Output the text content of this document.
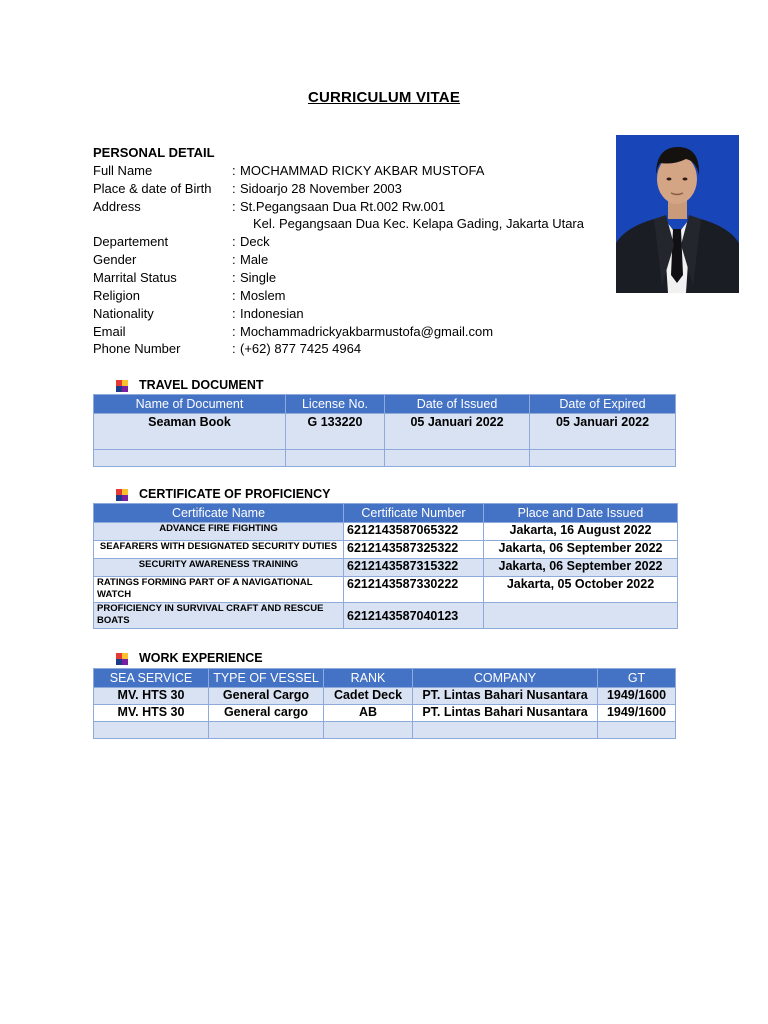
CURRICULUM VITAE
PERSONAL DETAIL
Full Name	: MOCHAMMAD RICKY AKBAR MUSTOFA
Place & date of Birth	: Sidoarjo 28 November 2003
Address	: St.Pegangsaan Dua Rt.002 Rw.001
Kel. Pegangsaan Dua Kec. Kelapa Gading, Jakarta Utara
Departement	: Deck
Gender	: Male
Marrital Status	: Single
Religion	: Moslem
Nationality	: Indonesian
Email	: Mochammadrickyakbarmustofa@gmail.com
Phone Number	: (+62) 877 7425 4964
TRAVEL DOCUMENT
Name of Document	License No.	Date of Issued	Date of Expired
Seaman Book	G 133220	05 Januari 2022	05 Januari 2022

CERTIFICATE OF PROFICIENCY
Certificate Name	Certificate Number	Place and Date Issued
ADVANCE FIRE FIGHTING	6212143587065322	Jakarta, 16 August 2022
SEAFARERS WITH DESIGNATED SECURITY DUTIES	6212143587325322	Jakarta, 06 September 2022
SECURITY AWARENESS TRAINING	6212143587315322	Jakarta, 06 September 2022
RATINGS FORMING PART OF A NAVIGATIONAL WATCH	6212143587330222	Jakarta, 05 October 2022
PROFICIENCY IN SURVIVAL CRAFT AND RESCUE BOATS	6212143587040123	
WORK EXPERIENCE
SEA SERVICE	TYPE OF VESSEL	RANK	COMPANY	GT
MV. HTS 30	General Cargo	Cadet Deck	PT. Lintas Bahari Nusantara	1949/1600
MV. HTS 30	General cargo	AB	PT. Lintas Bahari Nusantara	1949/1600
